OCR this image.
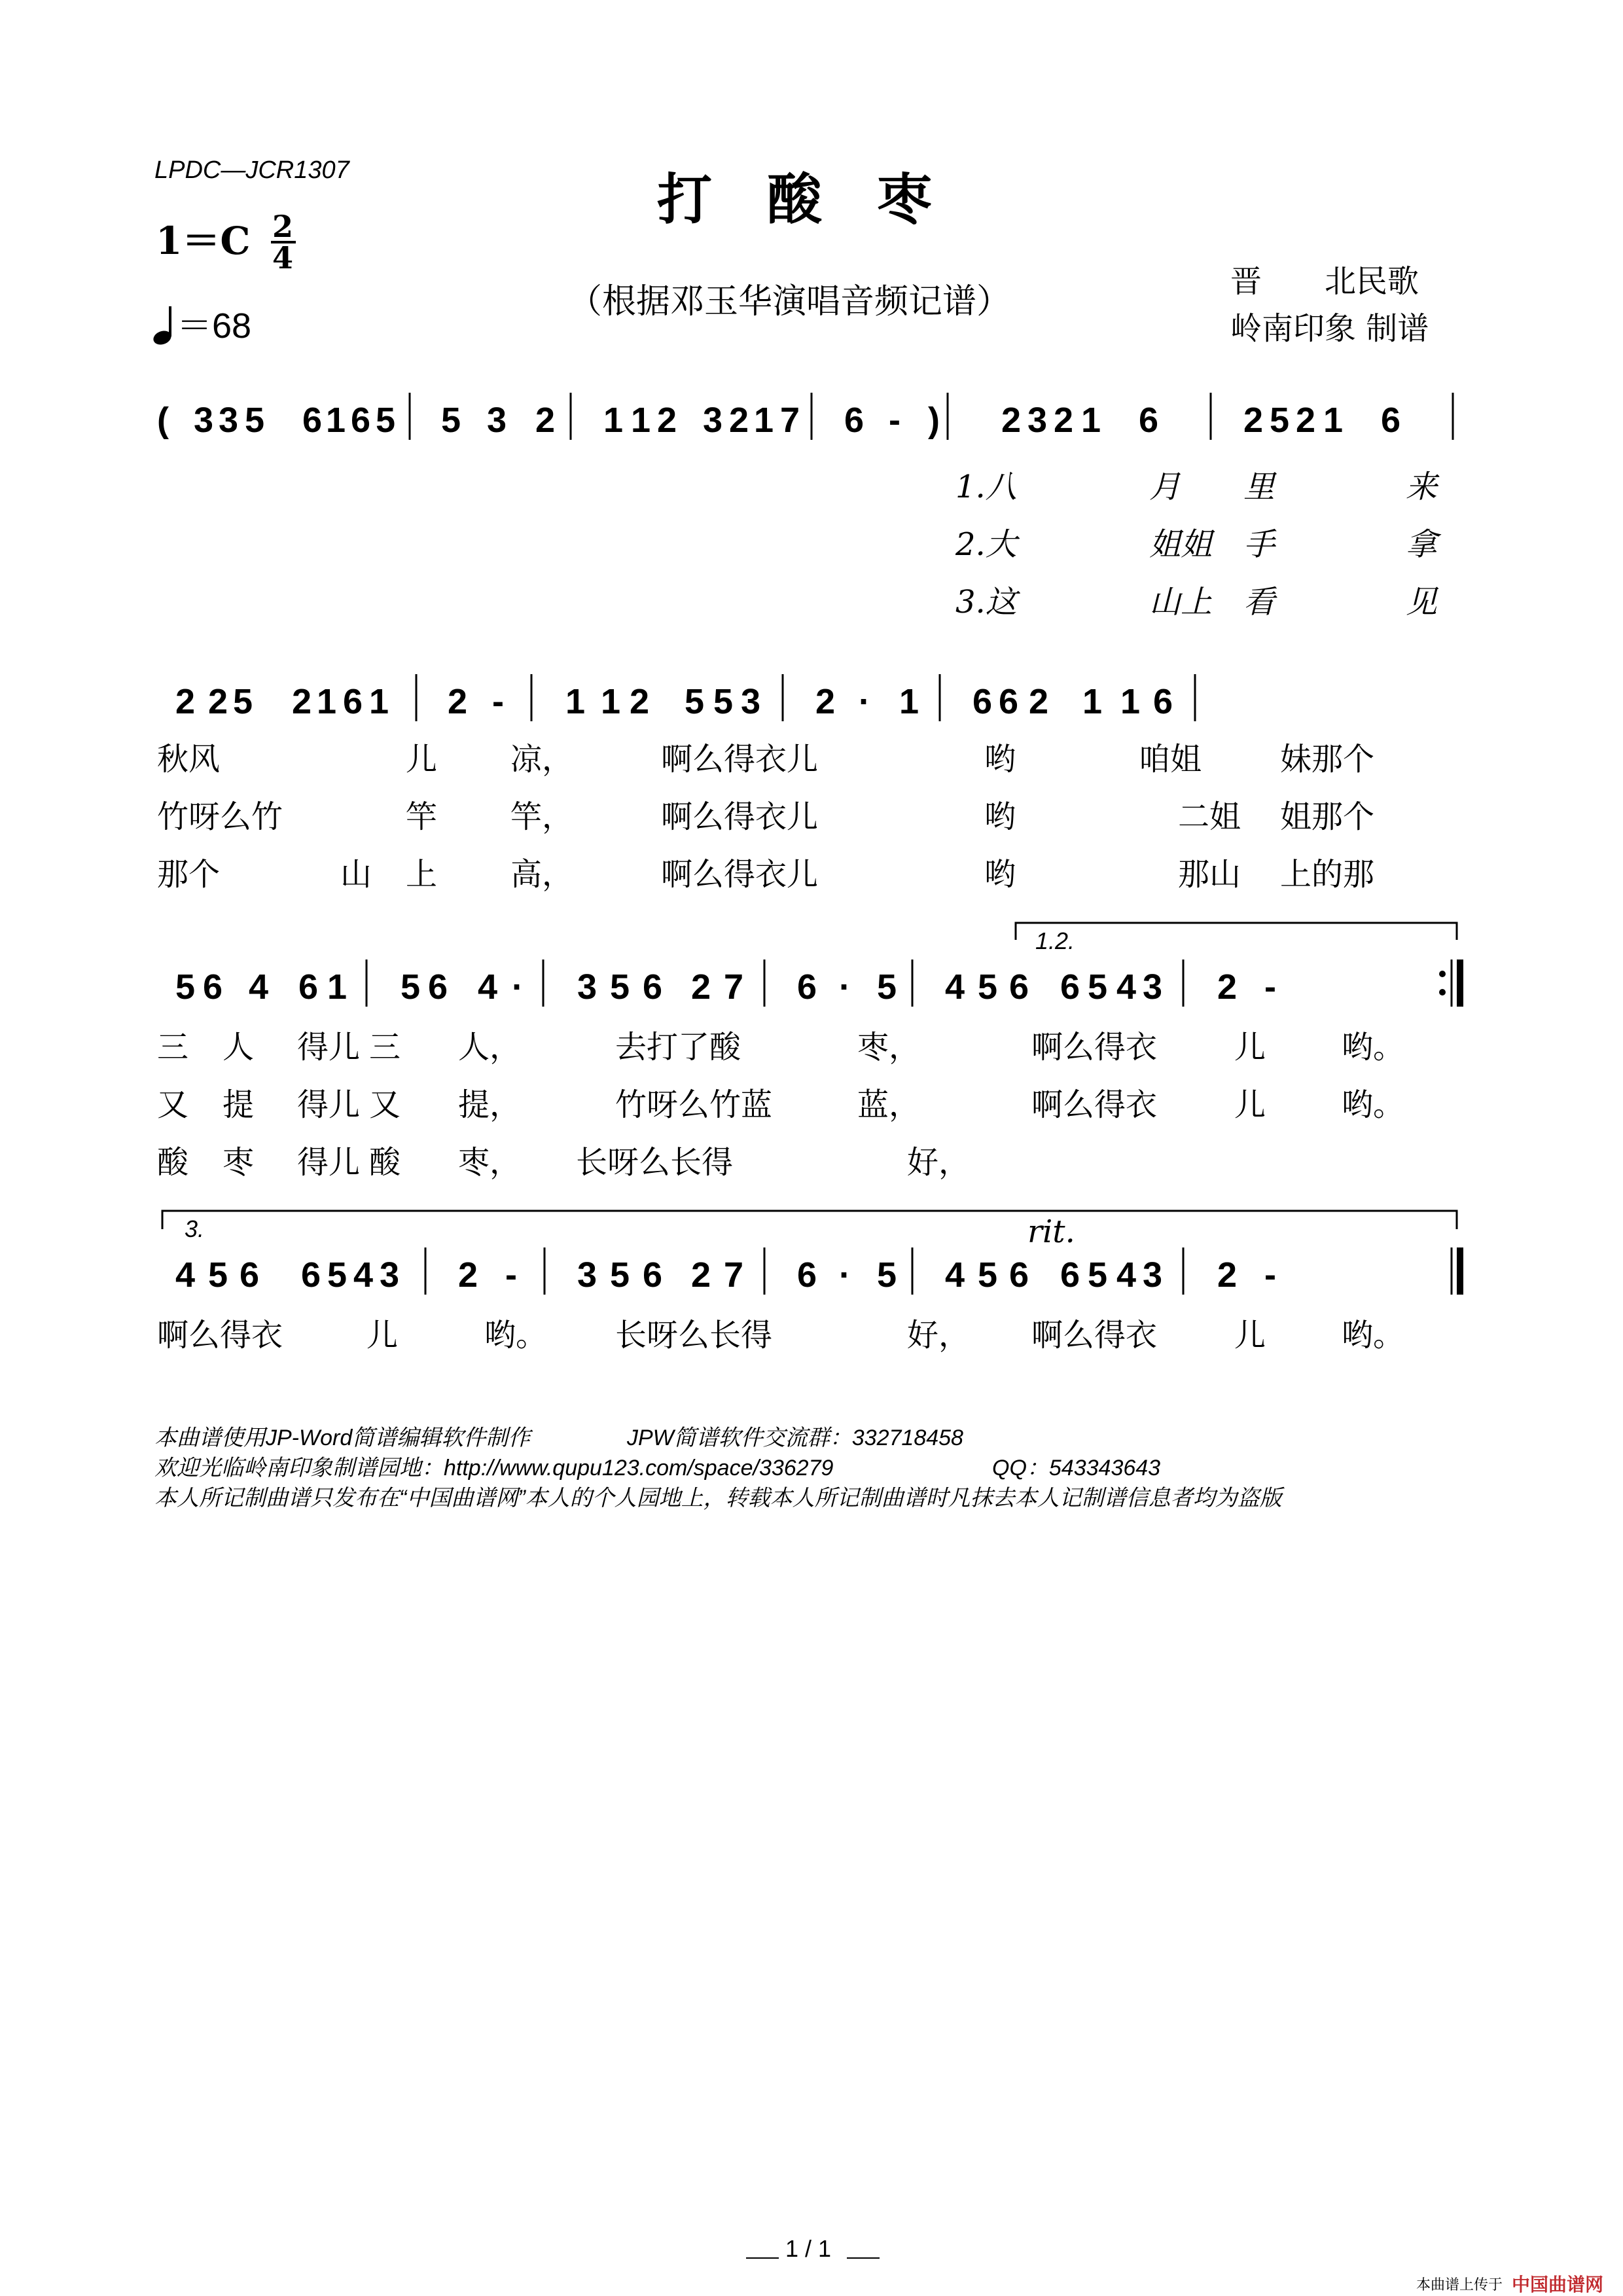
LPDC—JCR1307	打　酸　枣
1＝C 2
4
（根据邓玉华演唱音频记谱）
＝68
晋　　北民歌
岭南印象 制谱
( 3 3 5 6 1 6 5 5 3 2 1 1 2 3 2 1 7 6 - ) 2 3 2 1 6 2 5 2 1 6
2 2 5 2 1 6 1 2 - 1 1 2 5 5 3 2 · 1 6 6 2 1 1 6
5 6 4 6 1 5 6 4 · 3 5 6 2 7 6 · 5 4 5 6 6 5 4 3 2 -
4 5 6 6 5 4 3 2 - 3 5 6 2 7 6 · 5 4 5 6 6 5 4 3 2 -
1.2.
3.	rit.
1.八	月 里	来
2.大	姐姐 手	拿
3.这	山上 看	见
秋风	儿 凉，	啊么得衣儿	哟	咱姐 妹那个
竹呀么竹	竿 竿，	啊么得衣儿	哟	二姐 姐那个
那个	山 上 高，	啊么得衣儿	哟	那山 上的那
三 人 得儿 三 人，	去打了酸	枣，	啊么得衣 儿 哟。
又 提 得儿 又 提，	竹呀么竹蓝	蓝，	啊么得衣 儿 哟。
酸 枣 得儿 酸 枣， 长呀么长得	好，
啊么得衣	儿	哟。 长呀么长得	好， 啊么得衣 儿 哟。
本曲谱使用JP-Word简谱编辑软件制作	JPW简谱软件交流群：332718458
欢迎光临岭南印象制谱园地：http://www.qupu123.com/space/336279	QQ：543343643
本人所记制曲谱只发布在“中国曲谱网”本人的个人园地上，转载本人所记制曲谱时凡抹去本人记制谱信息者均为盗版
1 / 1
本曲谱上传于 中国曲谱网
